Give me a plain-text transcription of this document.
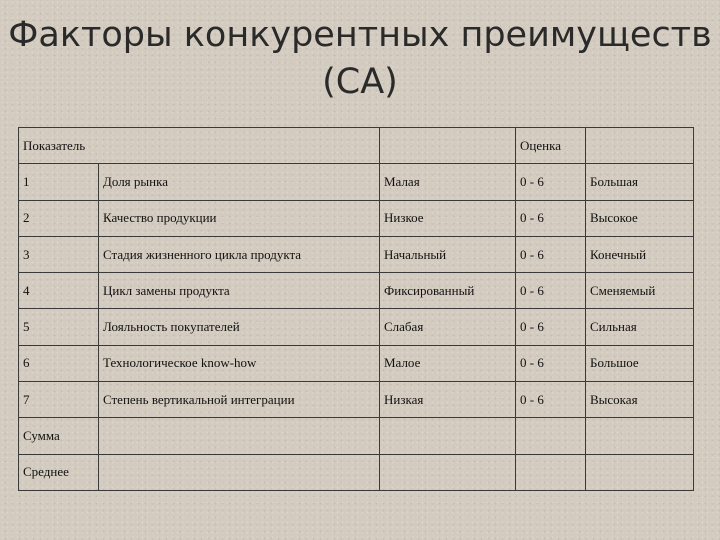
Факторы конкурентных преимуществ
(CA)
Показатель			Оценка	
1	Доля рынка	Малая	0 - 6	Большая
2	Качество продукции	Низкое	0 - 6	Высокое
3	Стадия жизненного цикла продукта	Начальный	0 - 6	Конечный
4	Цикл замены продукта	Фиксированный	0 - 6	Сменяемый
5	Лояльность покупателей	Слабая	0 - 6	Сильная
6	Технологическое know-how	Малое	0 - 6	Большое
7	Степень вертикальной интеграции	Низкая	0 - 6	Высокая
Сумма				
Среднее				
